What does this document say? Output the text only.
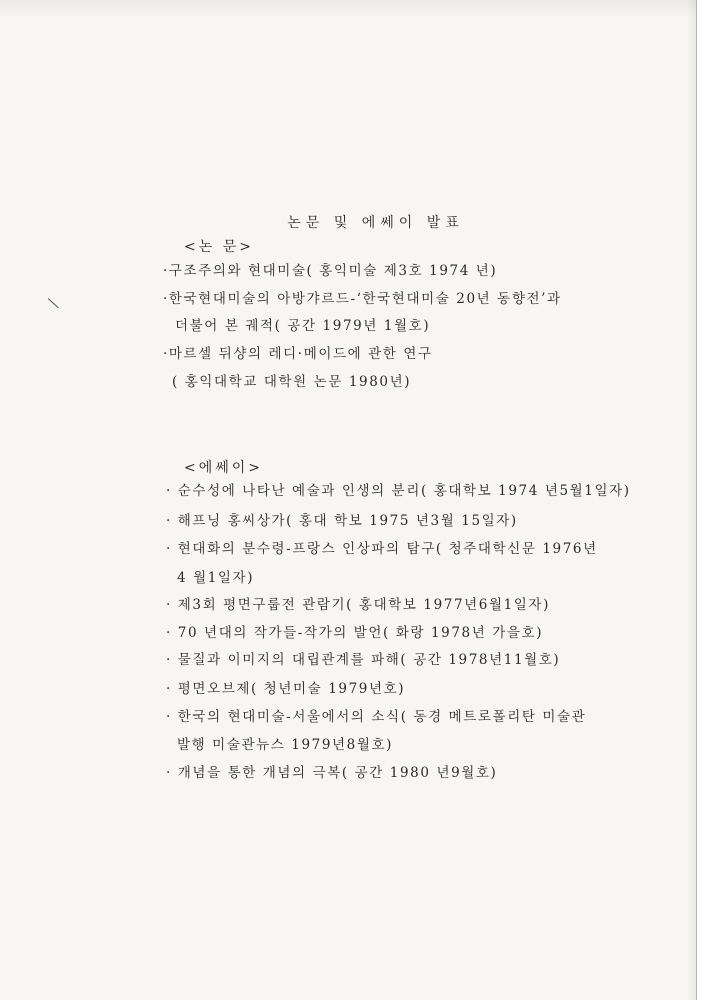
논문 및 에쎄이 발표
<논 문>
·구조주의와 현대미술( 홍익미술 제3호 1974 년)
·한국현대미술의 아방갸르드-‘한국현대미술 20년 동향전’과
더불어 본 궤적( 공간 1979년 1월호)
·마르셀 뒤샹의 레디·메이드에 관한 연구
( 홍익대학교 대학원 논문 1980년)
<에쎄이>
· 순수성에 나타난 예술과 인생의 분리( 홍대학보 1974 년5월1일자)
· 해프닝 홍씨상가( 홍대 학보 1975 년3월 15일자)
· 현대화의 분수령-프랑스 인상파의 탐구( 청주대학신문 1976년
4 월1일자)
· 제3회 평면구룹전 관람기( 홍대학보 1977년6월1일자)
· 70 년대의 작가들-작가의 발언( 화랑 1978년 가을호)
· 물질과 이미지의 대립관계를 파해( 공간 1978년11월호)
· 평면오브제( 청년미술 1979년호)
· 한국의 현대미술-서울에서의 소식( 동경 메트로폴리탄 미술관
발행 미술관뉴스 1979년8월호)
· 개념을 통한 개념의 극복( 공간 1980 년9월호)
